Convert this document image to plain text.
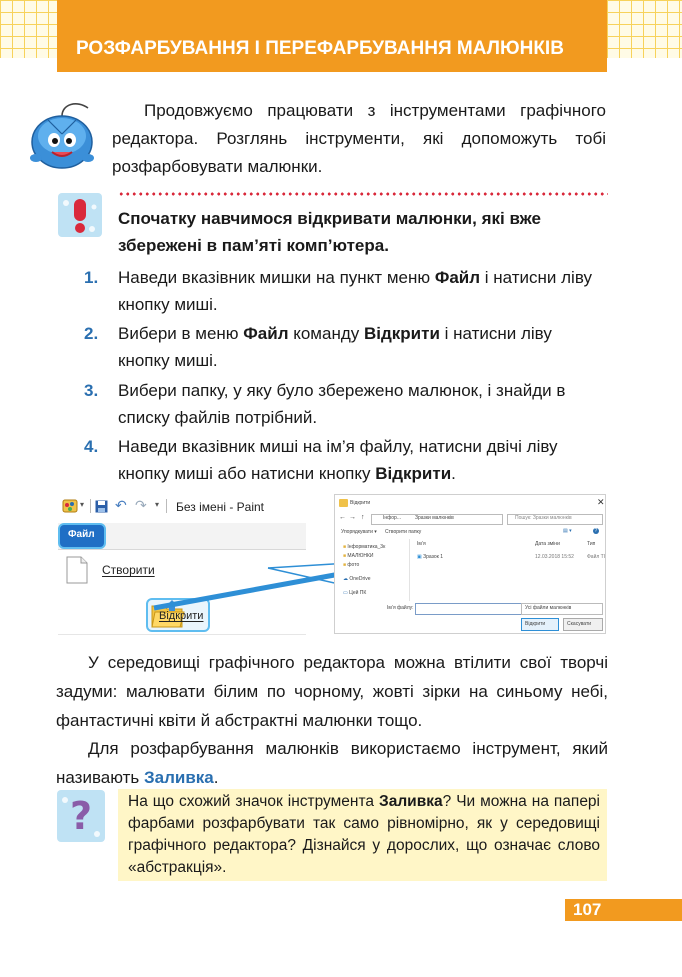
РОЗФАРБУВАННЯ І ПЕРЕФАРБУВАННЯ МАЛЮНКІВ

Продовжуємо працювати з інструментами графічного редактора. Розглянь інструменти, які допоможуть тобі розфарбовувати малюнки.

Спочатку навчимося відкривати малюнки, які вже
збережені в пам’яті комп’ютера.
1. Наведи вказівник мишки на пункт меню Файл і натисни ліву кнопку миші.
2. Вибери в меню Файл команду Відкрити і натисни ліву кнопку миші.
3. Вибери папку, у яку було збережено малюнок, і знайди в списку файлів потрібний.
4. Наведи вказівник миші на ім’я файлу, натисни двічі ліву кнопку миші або натисни кнопку Відкрити.
▾ ↶ ↷ ▾ Без імені - Paint
Файл
Створити
Відкрити
Відкрити	✕
← → ↑	Інфор...	Зразки малюнків	Пошук: Зразки малюнків
Упорядкувати ▾ Створити папку	▤ ▾	?
■ Інформатика_3к
■ МАЛЮНКИ
■ фото
☁ OneDrive
▭ Цей ПК
Ім’я	Дата зміни	Тип
▣ Зразок 1	12.03.2018 15:52	Файл ТІ
Ім’я файлу:	Усі файли малюнків
Відкрити	Скасувати

У середовищі графічного редактора можна втілити свої творчі задуми: малювати білим по чорному, жовті зірки на синьому небі, фантастичні квіти й абстрактні малюнки тощо.

Для розфарбування малюнків використаємо інструмент, який називають Заливка.

? На що схожий значок інструмента Заливка? Чи можна на папері фарбами розфарбувати так само рівномірно, як у середовищі графічного редактора? Дізнайся у дорослих, що означає слово «абстракція».
107
